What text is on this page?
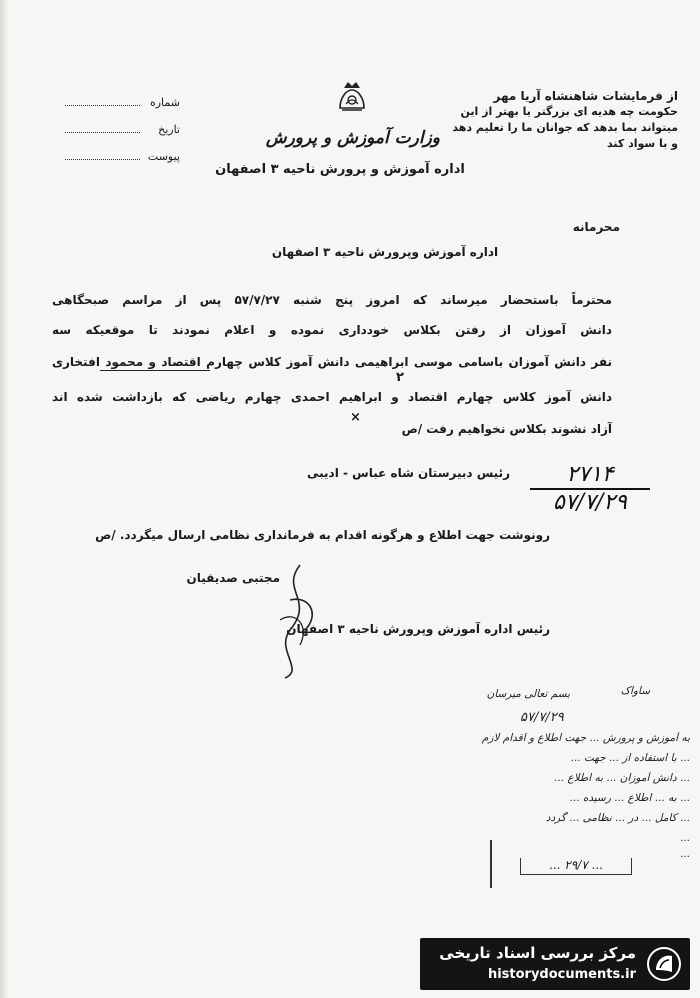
از فرمایشات شاهنشاه آریا مهر
حکومت چه هدیه ای بزرگتر یا بهتر از این
میتواند بما بدهد که جوانان ما را تعلیم دهد
و با سواد کند
شماره
تاریخ
پیوست
وزارت آموزش و پرورش
اداره آموزش و پرورش ناحیه ۳ اصفهان
محرمانه
اداره آموزش وپرورش ناحیه ۳ اصفهان
محترماً باستحضار میرساند که امروز پنج شنبه ۵۷/۷/۲۷ پس از مراسم صبحگاهی
دانش آموزان از رفتن بکلاس خودداری نموده و اعلام نمودند تا موقعیکه سه
نفر دانش آموزان باسامی موسی ابراهیمی دانش آموز کلاس چهارم اقتصاد و محمود افتخاری
۲
دانش آموز کلاس چهارم اقتصاد و ابراهیم احمدی چهارم ریاضی که بازداشت شده اند
×
آزاد نشوند بکلاس نخواهیم رفت /ص
رئیس دبیرستان شاه عباس - ادیبی	۲۷۱۴
۵۷/۷/۲۹
رونوشت جهت اطلاع و هرگونه اقدام به فرمانداری نظامی ارسال میگردد. /ص
مجتبی صدیقیان
رئیس اداره آموزش وپرورش ناحیه ۳ اصفهان
بسم تعالی میرسان	ساواک
۵۷/۷/۲۹
به آموزش و پرورش ... جهت اطلاع و اقدام لازم
... با استفاده از ... جهت ...
... دانش آموزان ... به اطلاع ...
... به ... اطلاع ... رسیده ...
... کامل ... در ... نظامی ... گردد
...
...
... ۲۹/۷ ...
مرکز بررسی اسناد تاریخی
historydocuments.ir
